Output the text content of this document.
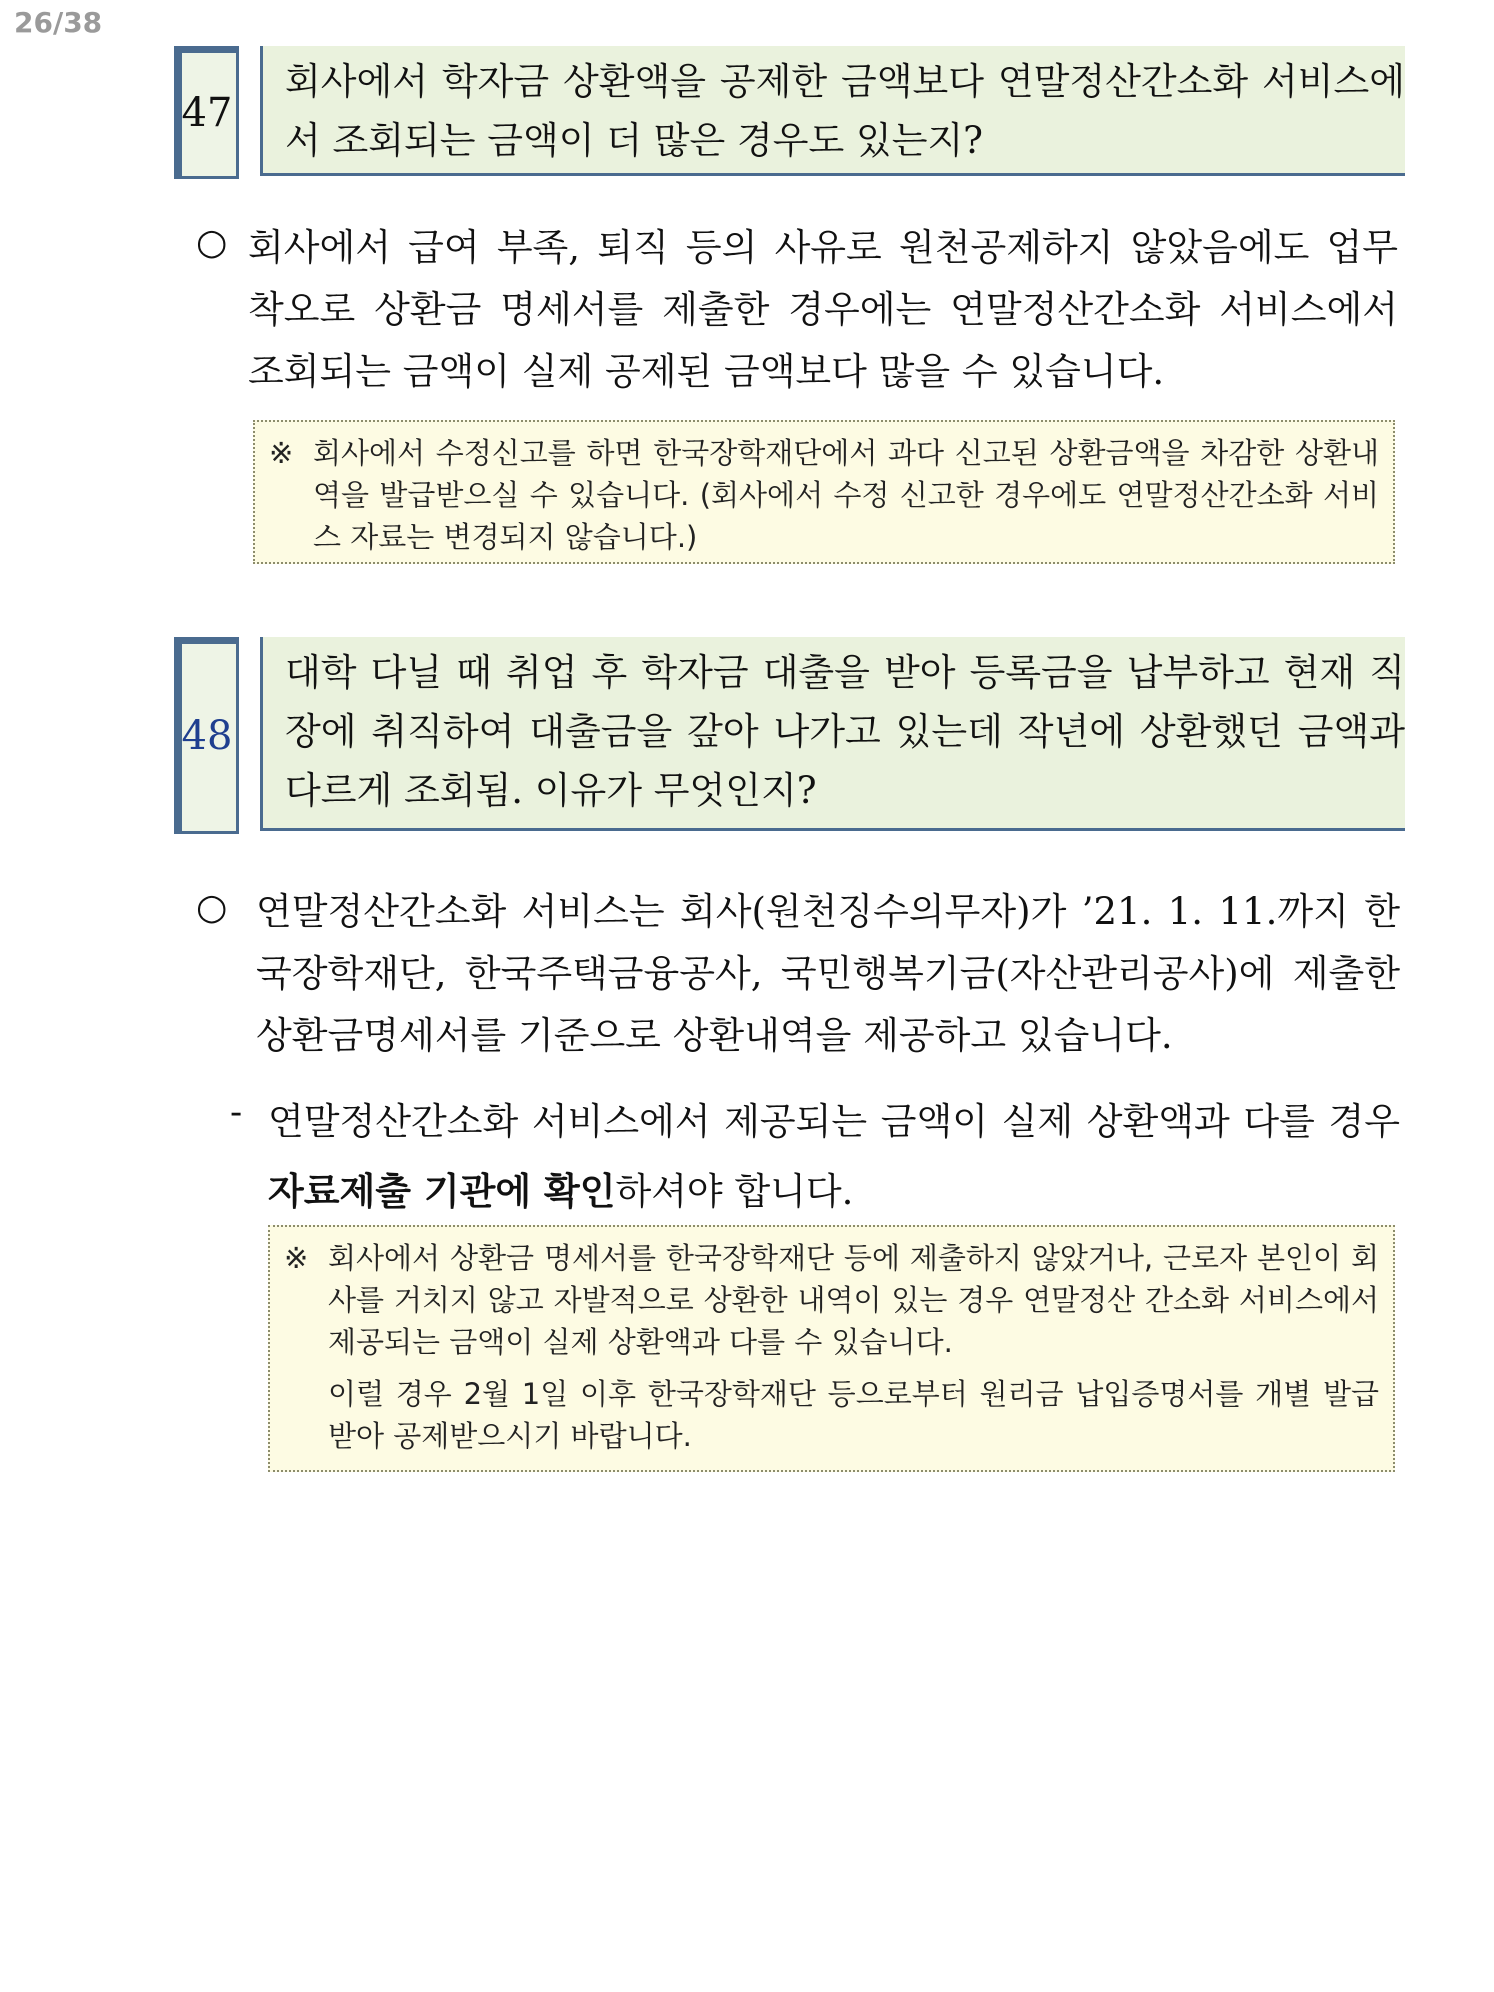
26/38
47
회사에서 학자금 상환액을 공제한 금액보다 연말정산간소화 서비스에서 조회되는 금액이 더 많은 경우도 있는지?
○ 회사에서 급여 부족, 퇴직 등의 사유로 원천공제하지 않았음에도 업무 착오로 상환금 명세서를 제출한 경우에는 연말정산간소화 서비스에서 조회되는 금액이 실제 공제된 금액보다 많을 수 있습니다.
※ 회사에서 수정신고를 하면 한국장학재단에서 과다 신고된 상환금액을 차감한 상환내역을 발급받으실 수 있습니다. (회사에서 수정 신고한 경우에도 연말정산간소화 서비스 자료는 변경되지 않습니다.)
48
대학 다닐 때 취업 후 학자금 대출을 받아 등록금을 납부하고 현재 직장에 취직하여 대출금을 갚아 나가고 있는데 작년에 상환했던 금액과 다르게 조회됨. 이유가 무엇인지?
○ 연말정산간소화 서비스는 회사(원천징수의무자)가 ’21. 1. 11.까지 한국장학재단, 한국주택금융공사, 국민행복기금(자산관리공사)에 제출한 상환금명세서를 기준으로 상환내역을 제공하고 있습니다.
- 연말정산간소화 서비스에서 제공되는 금액이 실제 상환액과 다를 경우 자료제출 기관에 확인하셔야 합니다.
※ 회사에서 상환금 명세서를 한국장학재단 등에 제출하지 않았거나, 근로자 본인이 회사를 거치지 않고 자발적으로 상환한 내역이 있는 경우 연말정산 간소화 서비스에서 제공되는 금액이 실제 상환액과 다를 수 있습니다.
이럴 경우 2월 1일 이후 한국장학재단 등으로부터 원리금 납입증명서를 개별 발급받아 공제받으시기 바랍니다.
